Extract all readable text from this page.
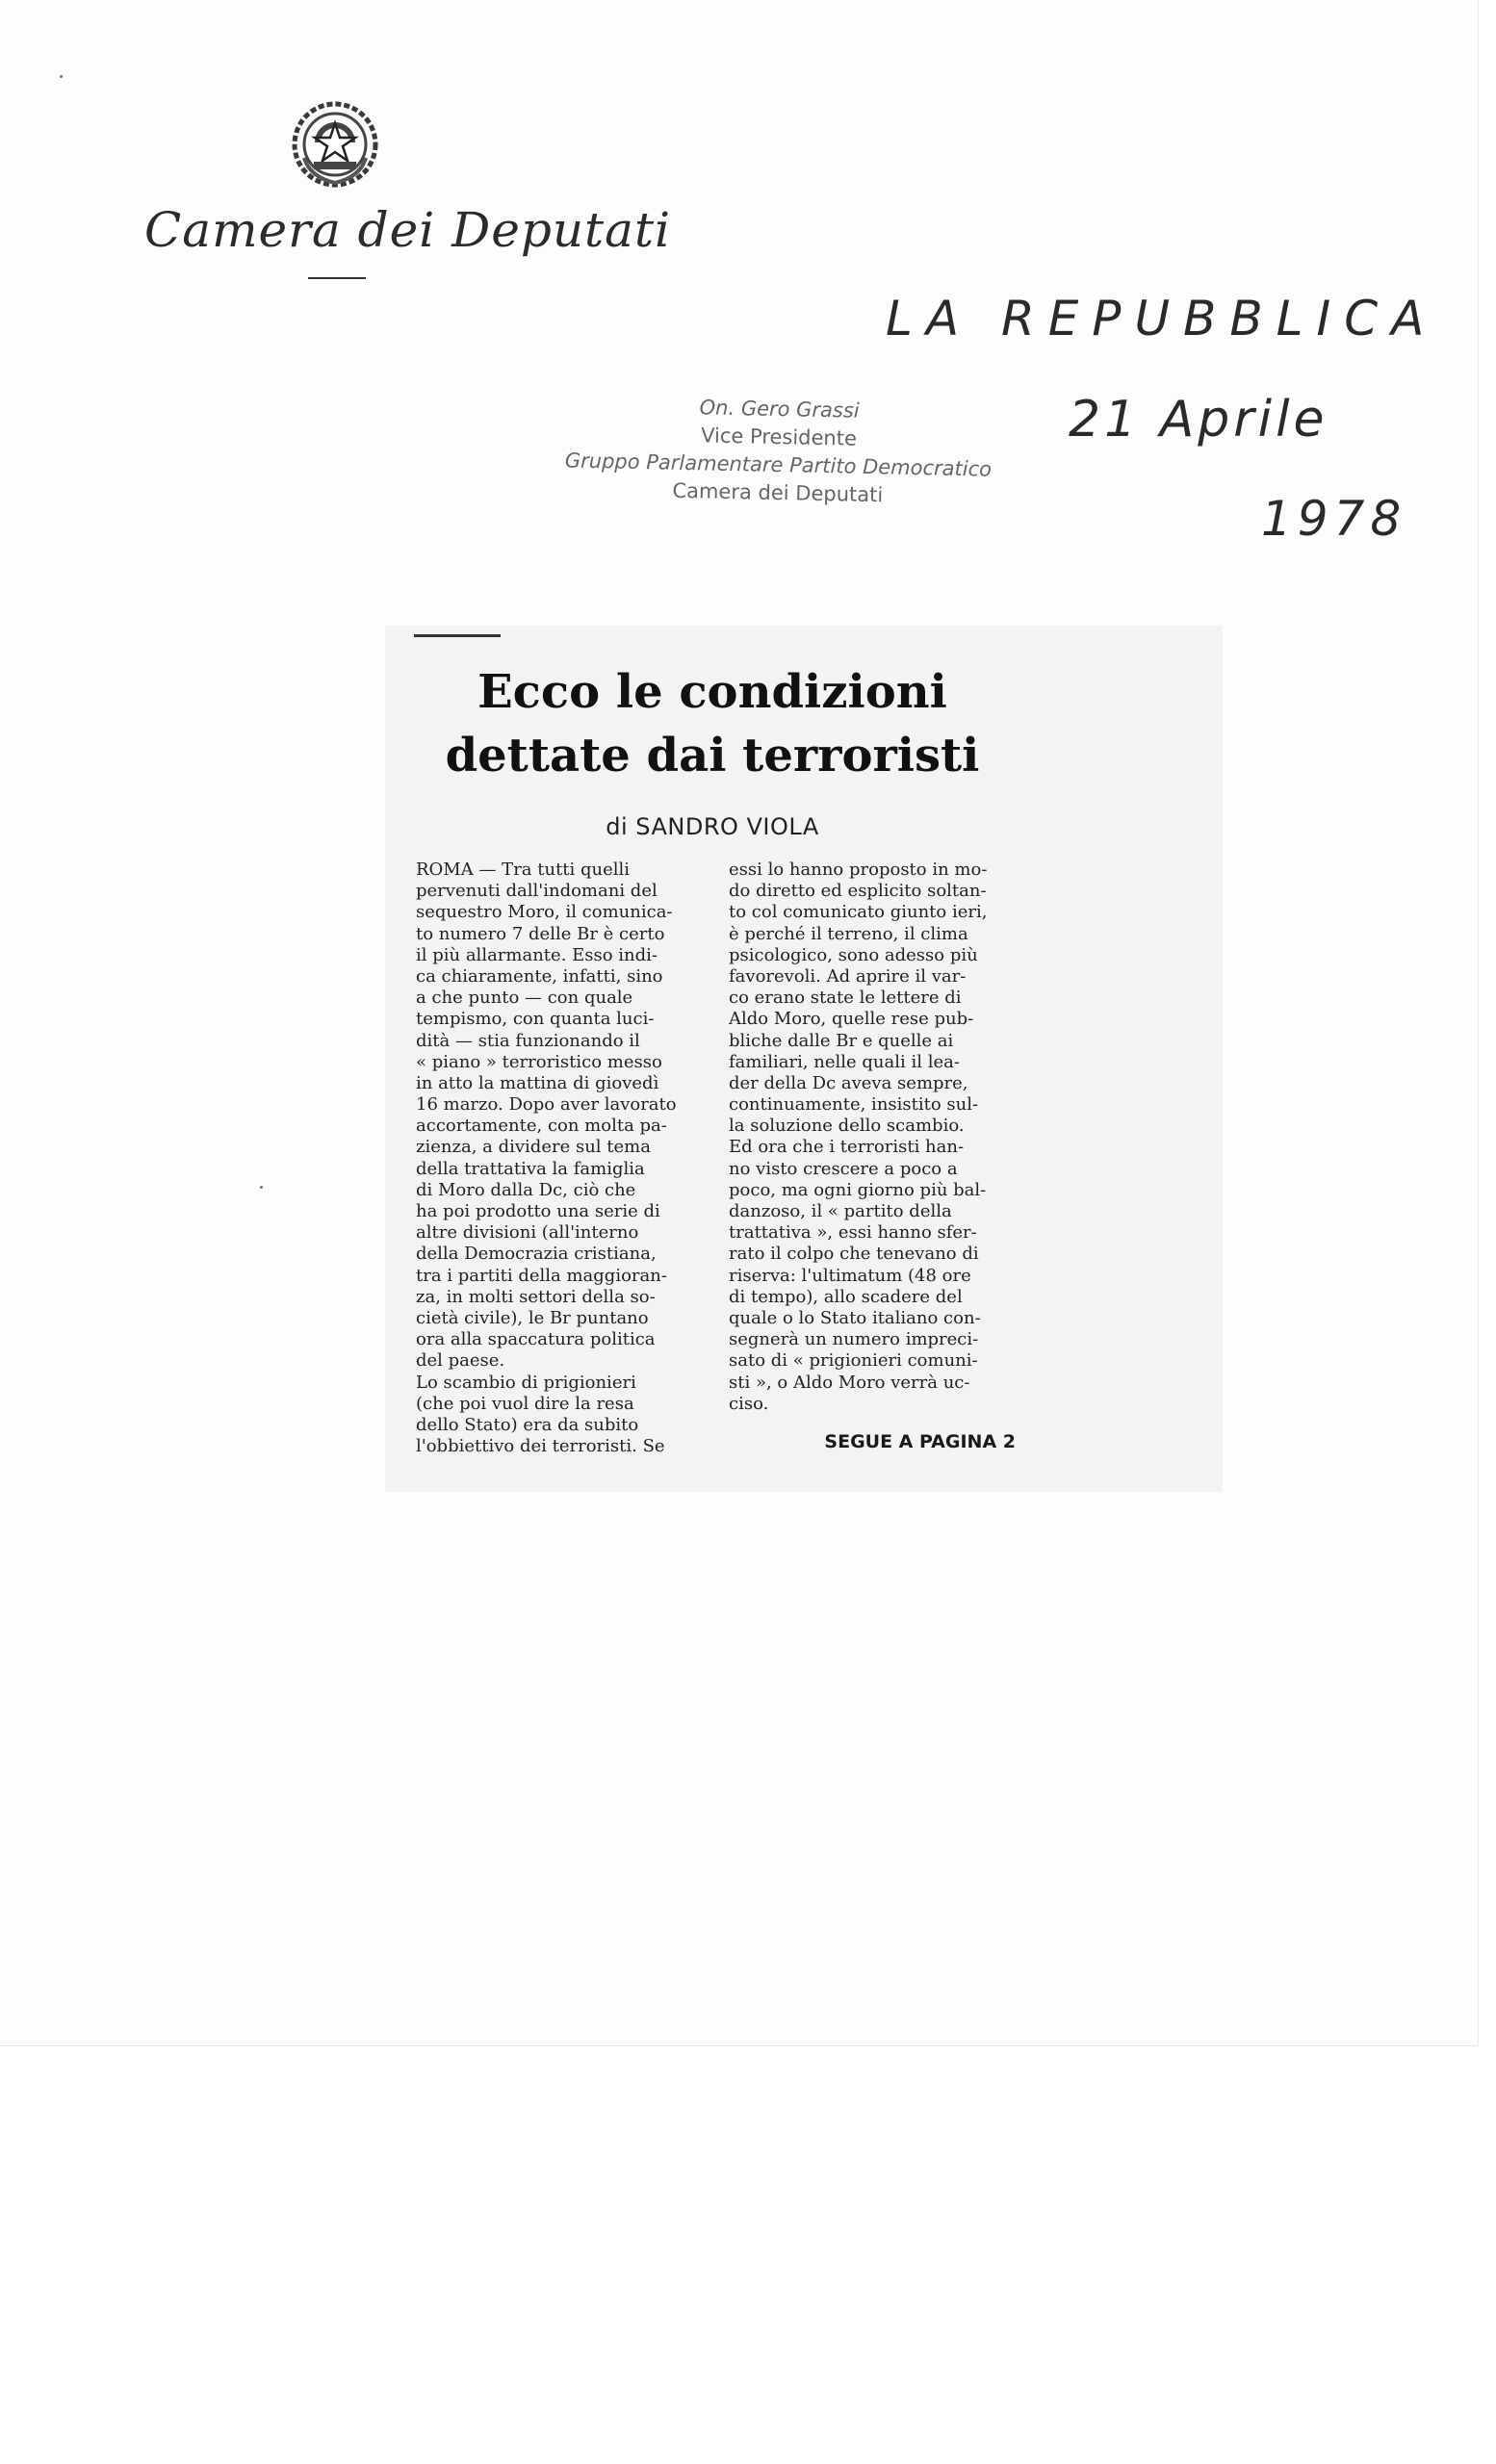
Camera dei Deputati
LA REPUBBLICA
21 Aprile
1978
On. Gero Grassi
Vice Presidente
Gruppo Parlamentare Partito Democratico
Camera dei Deputati
Ecco le condizioni
dettate dai terroristi
di SANDRO VIOLA
ROMA — Tra tutti quelli
pervenuti dall'indomani del
sequestro Moro, il comunica-
to numero 7 delle Br è certo
il più allarmante. Esso indi-
ca chiaramente, infatti, sino
a che punto — con quale
tempismo, con quanta luci-
dità — stia funzionando il
« piano » terroristico messo
in atto la mattina di giovedì
16 marzo. Dopo aver lavorato
accortamente, con molta pa-
zienza, a dividere sul tema
della trattativa la famiglia
di Moro dalla Dc, ciò che
ha poi prodotto una serie di
altre divisioni (all'interno
della Democrazia cristiana,
tra i partiti della maggioran-
za, in molti settori della so-
cietà civile), le Br puntano
ora alla spaccatura politica
del paese.
Lo scambio di prigionieri
(che poi vuol dire la resa
dello Stato) era da subito
l'obbiettivo dei terroristi. Se
essi lo hanno proposto in mo-
do diretto ed esplicito soltan-
to col comunicato giunto ieri,
è perché il terreno, il clima
psicologico, sono adesso più
favorevoli. Ad aprire il var-
co erano state le lettere di
Aldo Moro, quelle rese pub-
bliche dalle Br e quelle ai
familiari, nelle quali il lea-
der della Dc aveva sempre,
continuamente, insistito sul-
la soluzione dello scambio.
Ed ora che i terroristi han-
no visto crescere a poco a
poco, ma ogni giorno più bal-
danzoso, il « partito della
trattativa », essi hanno sfer-
rato il colpo che tenevano di
riserva: l'ultimatum (48 ore
di tempo), allo scadere del
quale o lo Stato italiano con-
segnerà un numero impreci-
sato di « prigionieri comuni-
sti », o Aldo Moro verrà uc-
ciso.
SEGUE A PAGINA 2
